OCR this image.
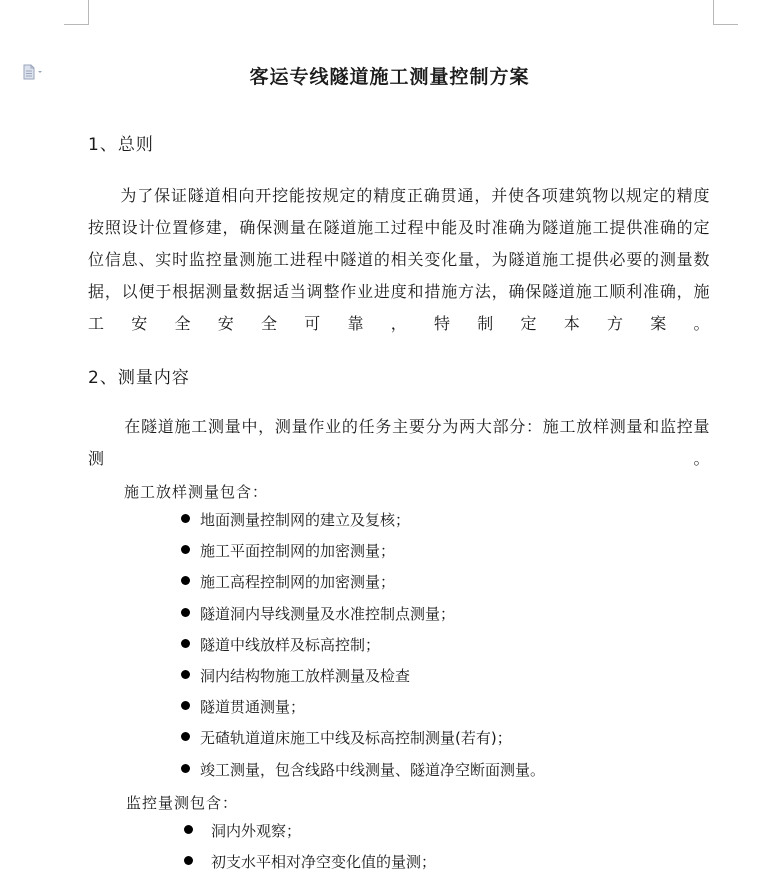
客运专线隧道施工测量控制方案
1、总则
为了保证隧道相向开挖能按规定的精度正确贯通，并使各项建筑物以规定的精度按照设计位置修建，确保测量在隧道施工过程中能及时准确为隧道施工提供准确的定位信息、实时监控量测施工进程中隧道的相关变化量，为隧道施工提供必要的测量数据，以便于根据测量数据适当调整作业进度和措施方法，确保隧道施工顺利准确，施工安全安全可靠，特制定本方案。
2、测量内容
在隧道施工测量中，测量作业的任务主要分为两大部分：施工放样测量和监控量测。
施工放样测量包含：
地面测量控制网的建立及复核；
施工平面控制网的加密测量；
施工高程控制网的加密测量；
隧道洞内导线测量及水准控制点测量；
隧道中线放样及标高控制；
洞内结构物施工放样测量及检查
隧道贯通测量；
无碴轨道道床施工中线及标高控制测量(若有)；
竣工测量，包含线路中线测量、隧道净空断面测量。
监控量测包含：
洞内外观察；
初支水平相对净空变化值的量测；
